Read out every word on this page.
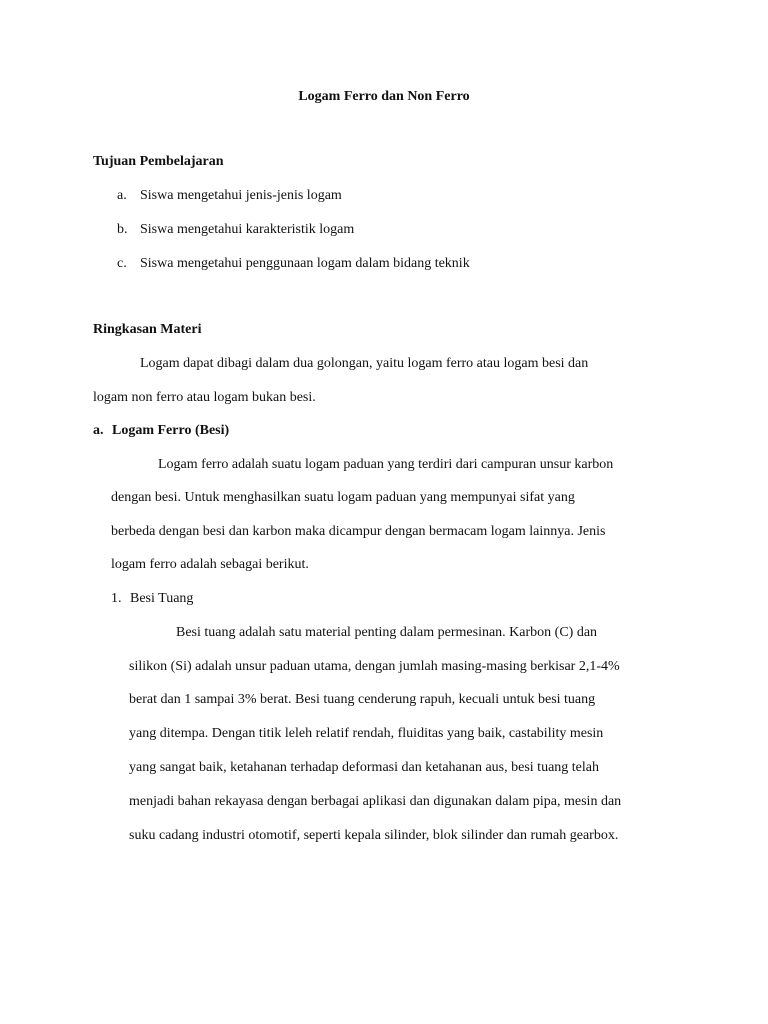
Logam Ferro dan Non Ferro
Tujuan Pembelajaran
a. Siswa mengetahui jenis-jenis logam
b. Siswa mengetahui karakteristik logam
c. Siswa mengetahui penggunaan logam dalam bidang teknik
Ringkasan Materi
Logam dapat dibagi dalam dua golongan, yaitu logam ferro atau logam besi dan
logam non ferro atau logam bukan besi.
a. Logam Ferro (Besi)
Logam ferro adalah suatu logam paduan yang terdiri dari campuran unsur karbon
dengan besi. Untuk menghasilkan suatu logam paduan yang mempunyai sifat yang
berbeda dengan besi dan karbon maka dicampur dengan bermacam logam lainnya. Jenis
logam ferro adalah sebagai berikut.
1. Besi Tuang
Besi tuang adalah satu material penting dalam permesinan. Karbon (C) dan
silikon (Si) adalah unsur paduan utama, dengan jumlah masing-masing berkisar 2,1-4%
berat dan 1 sampai 3% berat. Besi tuang cenderung rapuh, kecuali untuk besi tuang
yang ditempa. Dengan titik leleh relatif rendah, fluiditas yang baik, castability mesin
yang sangat baik, ketahanan terhadap deformasi dan ketahanan aus, besi tuang telah
menjadi bahan rekayasa dengan berbagai aplikasi dan digunakan dalam pipa, mesin dan
suku cadang industri otomotif, seperti kepala silinder, blok silinder dan rumah gearbox.
